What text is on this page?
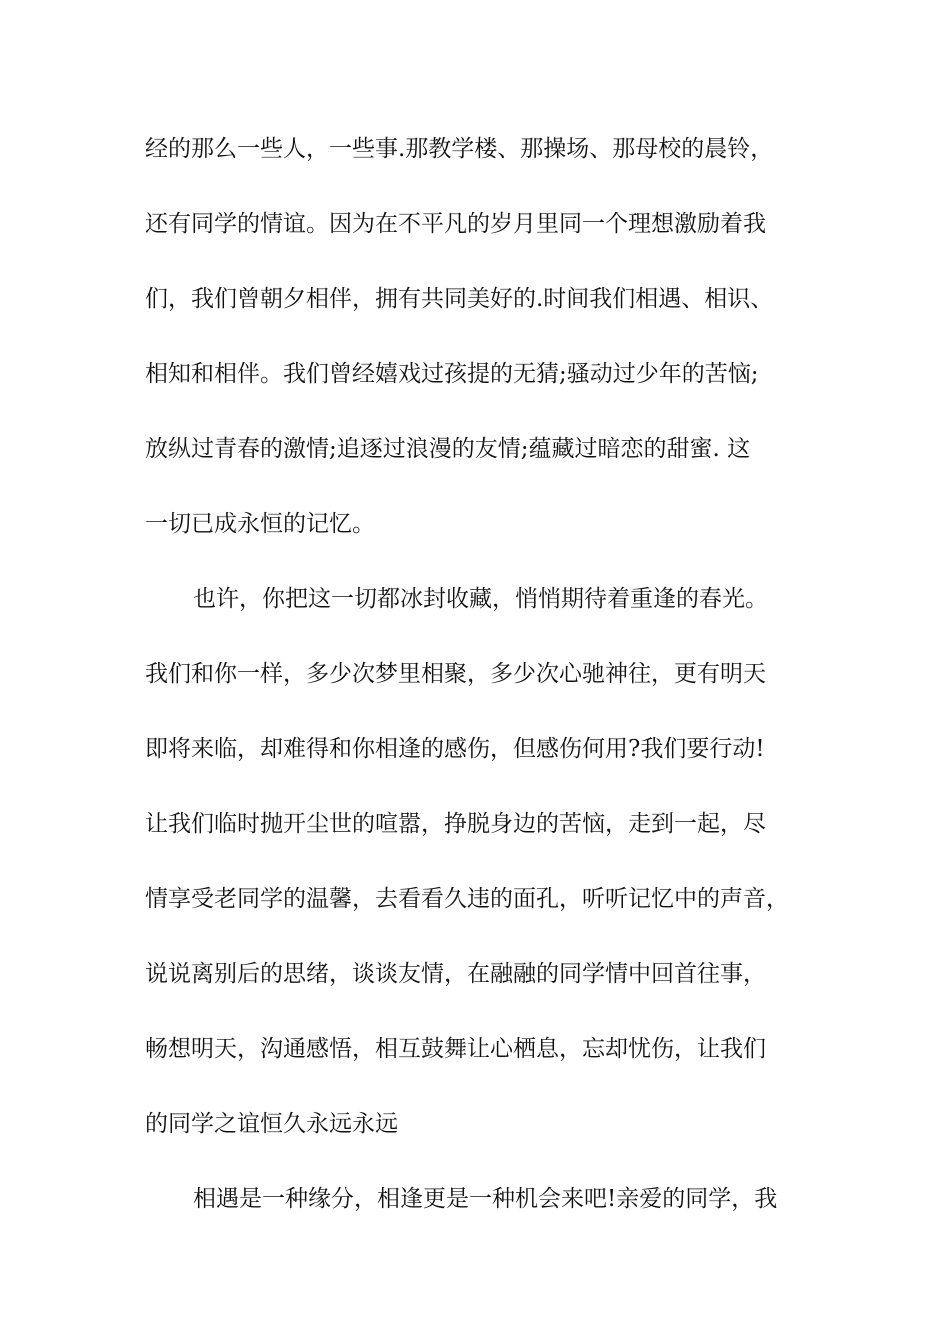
经的那么一些人，一些事.那教学楼、那操场、那母校的晨铃，
还有同学的情谊。因为在不平凡的岁月里同一个理想激励着我
们，我们曾朝夕相伴，拥有共同美好的.时间我们相遇、相识、
相知和相伴。我们曾经嬉戏过孩提的无猜;骚动过少年的苦恼;
放纵过青春的激情;追逐过浪漫的友情;蕴藏过暗恋的甜蜜. 这
一切已成永恒的记忆。
也许，你把这一切都冰封收藏，悄悄期待着重逢的春光。
我们和你一样，多少次梦里相聚，多少次心驰神往，更有明天
即将来临，却难得和你相逢的感伤，但感伤何用?我们要行动!
让我们临时抛开尘世的喧嚣，挣脱身边的苦恼，走到一起，尽
情享受老同学的温馨，去看看久违的面孔，听听记忆中的声音，
说说离别后的思绪，谈谈友情，在融融的同学情中回首往事，
畅想明天，沟通感悟，相互鼓舞让心栖息，忘却忧伤，让我们
的同学之谊恒久永远永远
相遇是一种缘分，相逢更是一种机会来吧!亲爱的同学，我
